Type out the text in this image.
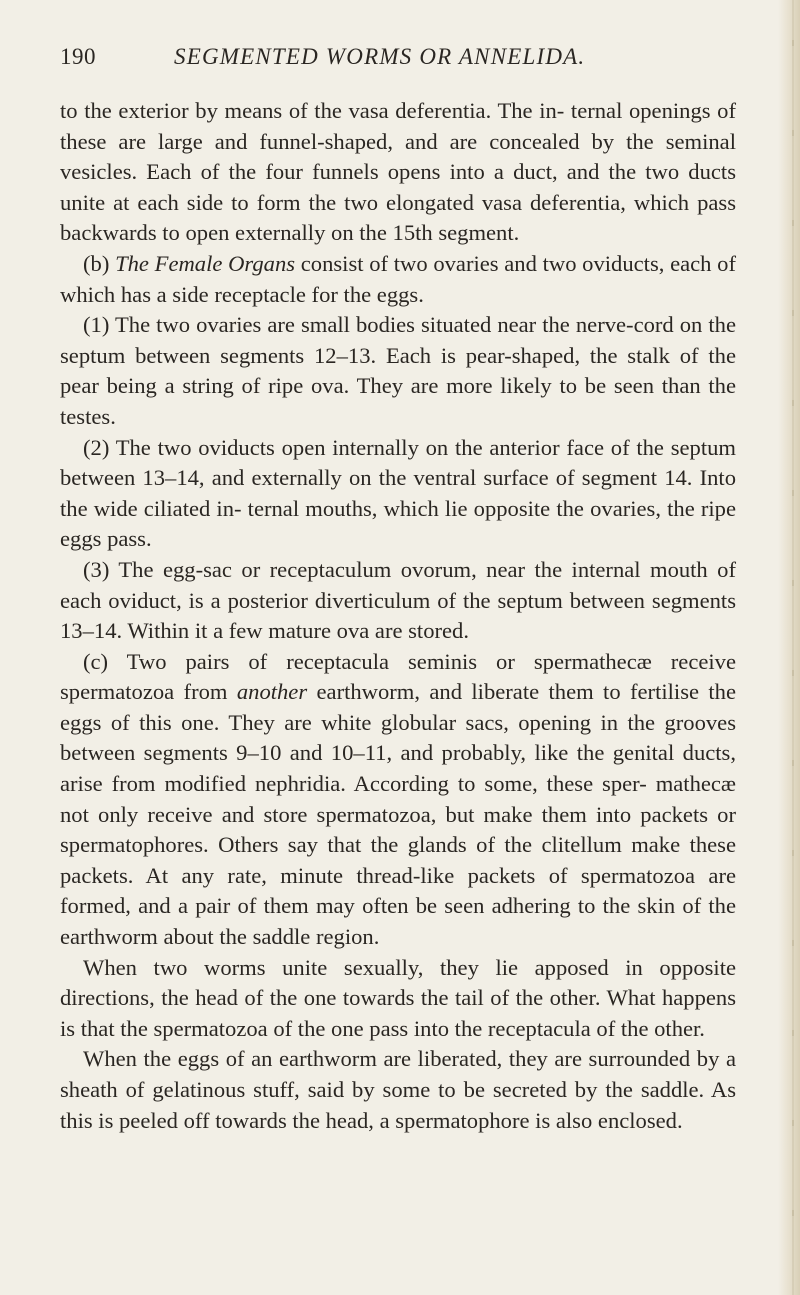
190	SEGMENTED WORMS OR ANNELIDA.

to the exterior by means of the vasa deferentia. The in- ternal openings of these are large and funnel-shaped, and are concealed by the seminal vesicles. Each of the four funnels opens into a duct, and the two ducts unite at each side to form the two elongated vasa deferentia, which pass backwards to open externally on the 15th segment.

(b) The Female Organs consist of two ovaries and two oviducts, each of which has a side receptacle for the eggs.

(1) The two ovaries are small bodies situated near the nerve-cord on the septum between segments 12–13. Each is pear-shaped, the stalk of the pear being a string of ripe ova. They are more likely to be seen than the testes.

(2) The two oviducts open internally on the anterior face of the septum between 13–14, and externally on the ventral surface of segment 14. Into the wide ciliated in- ternal mouths, which lie opposite the ovaries, the ripe eggs pass.

(3) The egg-sac or receptaculum ovorum, near the internal mouth of each oviduct, is a posterior diverticulum of the septum between segments 13–14. Within it a few mature ova are stored.

(c) Two pairs of receptacula seminis or spermathecæ receive spermatozoa from another earthworm, and liberate them to fertilise the eggs of this one. They are white globular sacs, opening in the grooves between segments 9–10 and 10–11, and probably, like the genital ducts, arise from modified nephridia. According to some, these sper- mathecæ not only receive and store spermatozoa, but make them into packets or spermatophores. Others say that the glands of the clitellum make these packets. At any rate, minute thread-like packets of spermatozoa are formed, and a pair of them may often be seen adhering to the skin of the earthworm about the saddle region.

When two worms unite sexually, they lie apposed in opposite directions, the head of the one towards the tail of the other. What happens is that the spermatozoa of the one pass into the receptacula of the other.

When the eggs of an earthworm are liberated, they are surrounded by a sheath of gelatinous stuff, said by some to be secreted by the saddle. As this is peeled off towards the head, a spermatophore is also enclosed.
